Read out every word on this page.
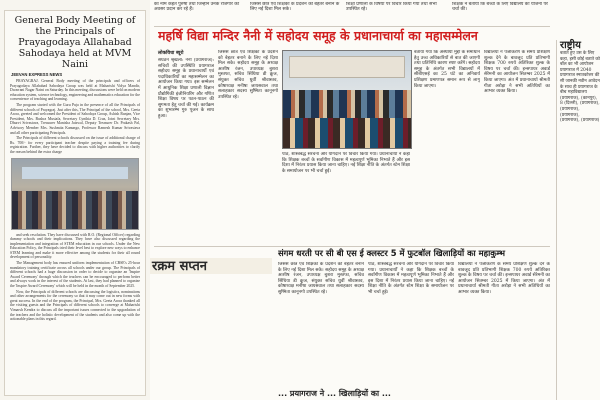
General Body Meeting of the Principals of Prayagodaya Allahabad Sahodaya held at MVM Naini
JEEVAN EXPRESS NEWS

PRAYAGRAJ. General Body meeting of the principals and officers of Prayagodaya Allahabad Sahodaya Group was held at Maharishi Vidya Mandir, Dwarrani Nagar Naini on Saturday. In this meeting, discussions were held on modern education system, science technology, engineering and mathematics education for the convenience of teaching and learning.

The program started with the Guru Puja in the presence of all the Principals of different schools of Prayagraj. Just after this, The Principal of the school, Mrs. Geeta Arora, greeted and welcomed the President of Sahodaya Group, Ashish Ranjan, Vice President, Mrs. Bushra Mustafa, Secretary Cynthia D. Cruz, Joint Secretary Mrs. Dhurvi Srivastava, Treasurer Manisha Jaiswal, Deputy Treasurer Dr. Prakash Pal, Advisory Member Mrs. Sushmita Kanungo, Professor Ramesh Kumar Srivastava and all other participating Principals.

The Principals of different schools discussed on the issue of additional charge of Rs. 700/- for every participant teacher despite paying a training fee during registration. Further, they have decided to discuss with higher authorities to clarify the reason behind the extra charge

and seek resolution. They have discussed with R.O. (Regional Officer) regarding dummy schools and their implications. They have also discussed regarding the implementation and integration of STEM education in our schools. Under the New Education Policy, the Principals tried their level best to explore new ways to enhance STEM learning and make it more effective among the students for their all round development of personality.

The Management body has ensured uniform implementation of CBSE's 25-hour mandatory training certificate across all schools under our group. The Principals of different schools had a huge discussion in order to decide to organize an 'Inspire Award Ceremony' through which the teachers can be encouraged to perform better and always work in the interest of the students. At last, they had planned to organize the 'Inspire Award Ceremony' which will be held in the month of September 2025.

Now, the Principals of different schools are discussing the logistics, nominations and other arrangements for the ceremony so that it may come out in new forms with great success. In the end of the program, the Principal, Mrs. Geeta Arora thanked all the visiting guests and the Principals of different schools to converge at Maharishi Vimarsh Kendra to discuss all the important issues connected to the upgradation of the teachers and the holistic development of the students and also come up with the actionable plans in this regard.

का नाम कहते पुरुषों तथा जिन्होंने उनके रोजगार को अवसर प्रदान कर रहे हैं।
जिससे छात्र एवं शिक्षकों के प्रदर्शन को बेहतर बनाने के लिए नई दिशा मिल सके।
शिक्षा प्रणाली के विषयों पर विचार किया गया तथा सभी उपस्थित रहे।
शिक्षक ने बताया कि बच्चों के लिए विद्यालय की योजना पर चर्चा की।
महर्षि विद्या मन्दिर नैनी में सहोदय समूह के प्रधानाचार्या का महासम्मेलन
राष्ट्रीय
बताते हुए उस के लिए कहा, इसी कोई बताते को बॉल का भी आयोजन प्रयागराज में 2040 प्रयागराज स्नातकोत्तर की सी जानकी नवीन आवेदन के साथ ही प्रयागराज के बीच महाविद्यालय (प्रयागराज), (कानपुर), 8 (दिल्ली), (प्रयागराज), (प्रयागराज), (प्रयागराज), (प्रयागराज), (प्रयागराज)
लोकविधा ब्यूरो
संघठन श्रृंखला: नैनी (प्रयागराज): सचिवों की उपस्थिति प्रयागराज सहोदय समूह के प्रधानाचार्यों एवं पदाधिकारियों का महासम्मेलन का आयोजन किया गया। इस सम्मेलन में आधुनिक शिक्षा प्रणाली विज्ञान प्रौद्योगिकी इंजीनियरिंग और गणित शिक्षा विषय पर पठन-पाठन की सुगमता हेतु चर्चा की गई। कार्यक्रम का शुभारम्भ गुरु पूजन के साथ हुआ।
जिससे छात्र एवं शिक्षकों के प्रदर्शन को बेहतर बनाने के लिए नई दिशा मिल सके। सहोदय समूह के अध्यक्ष आशीष रंजन, उपाध्यक्ष बुशरा मुस्तफा, सचिव सिंथिया डी क्रूज, संयुक्त सचिव धुर्वी श्रीवास्तव, कोषाध्यक्ष मनीषा जायसवाल तथा सलाहकार सदस्य सुष्मिता कानूनगो उपस्थित रहे।
बताया गया कि अस्थायी मुद्दों के समाधान हेतु उच्च अधिकारियों से बात की जाएगी तथा प्रतिनिधि कारण स्पष्ट करेंगे। सहोदय समूह के अंतर्गत सभी विद्यालयों में सीबीएसई का 25 घंटे का अनिवार्य प्रशिक्षण प्रमाणपत्र समान रूप से लागू किया जाएगा।
विद्यालयों ने पंजीकरण के समय प्रशिक्षण शुल्क देने के बावजूद प्रति प्रतिभागी शिक्षक 700 रुपये अतिरिक्त शुल्क के विषय पर चर्चा की। इन्सपायर अवार्ड सेरेमनी का आयोजन सितम्बर 2025 में किया जाएगा। अंत में प्रधानाचार्या श्रीमती गीता अरोड़ा ने सभी अतिथियों का आभार व्यक्त किया।
पाठ, शास्त्रबद्ध संरचना और योगदान पर विचार किया गया। प्रधानाचार्यों ने कहा कि शिक्षक बच्चों के सर्वांगीण विकास में महत्वपूर्ण भूमिका निभाते हैं और इस दिशा में निरंतर प्रयास किया जाना चाहिए। नई शिक्षा नीति के अंतर्गत स्टेम शिक्षा के समायोजन पर भी चर्चा हुई।
रक्रम सप्तन
संगम धरती पर सी बी एस ई क्लस्टर 5 में फुटबॉल खिलाड़ियों का महाकुम्भ
जिससे छात्र एवं शिक्षकों के प्रदर्शन को बेहतर बनाने के लिए नई दिशा मिल सके। सहोदय समूह के अध्यक्ष आशीष रंजन, उपाध्यक्ष बुशरा मुस्तफा, सचिव सिंथिया डी क्रूज, संयुक्त सचिव धुर्वी श्रीवास्तव, कोषाध्यक्ष मनीषा जायसवाल तथा सलाहकार सदस्य सुष्मिता कानूनगो उपस्थित रहे।
पाठ, शास्त्रबद्ध संरचना और योगदान पर विचार किया गया। प्रधानाचार्यों ने कहा कि शिक्षक बच्चों के सर्वांगीण विकास में महत्वपूर्ण भूमिका निभाते हैं और इस दिशा में निरंतर प्रयास किया जाना चाहिए। नई शिक्षा नीति के अंतर्गत स्टेम शिक्षा के समायोजन पर भी चर्चा हुई।
विद्यालयों ने पंजीकरण के समय प्रशिक्षण शुल्क देने के बावजूद प्रति प्रतिभागी शिक्षक 700 रुपये अतिरिक्त शुल्क के विषय पर चर्चा की। इन्सपायर अवार्ड सेरेमनी का आयोजन सितम्बर 2025 में किया जाएगा। अंत में प्रधानाचार्या श्रीमती गीता अरोड़ा ने सभी अतिथियों का आभार व्यक्त किया।
... प्रयागराज ने ... खिलाड़ियों का ...
